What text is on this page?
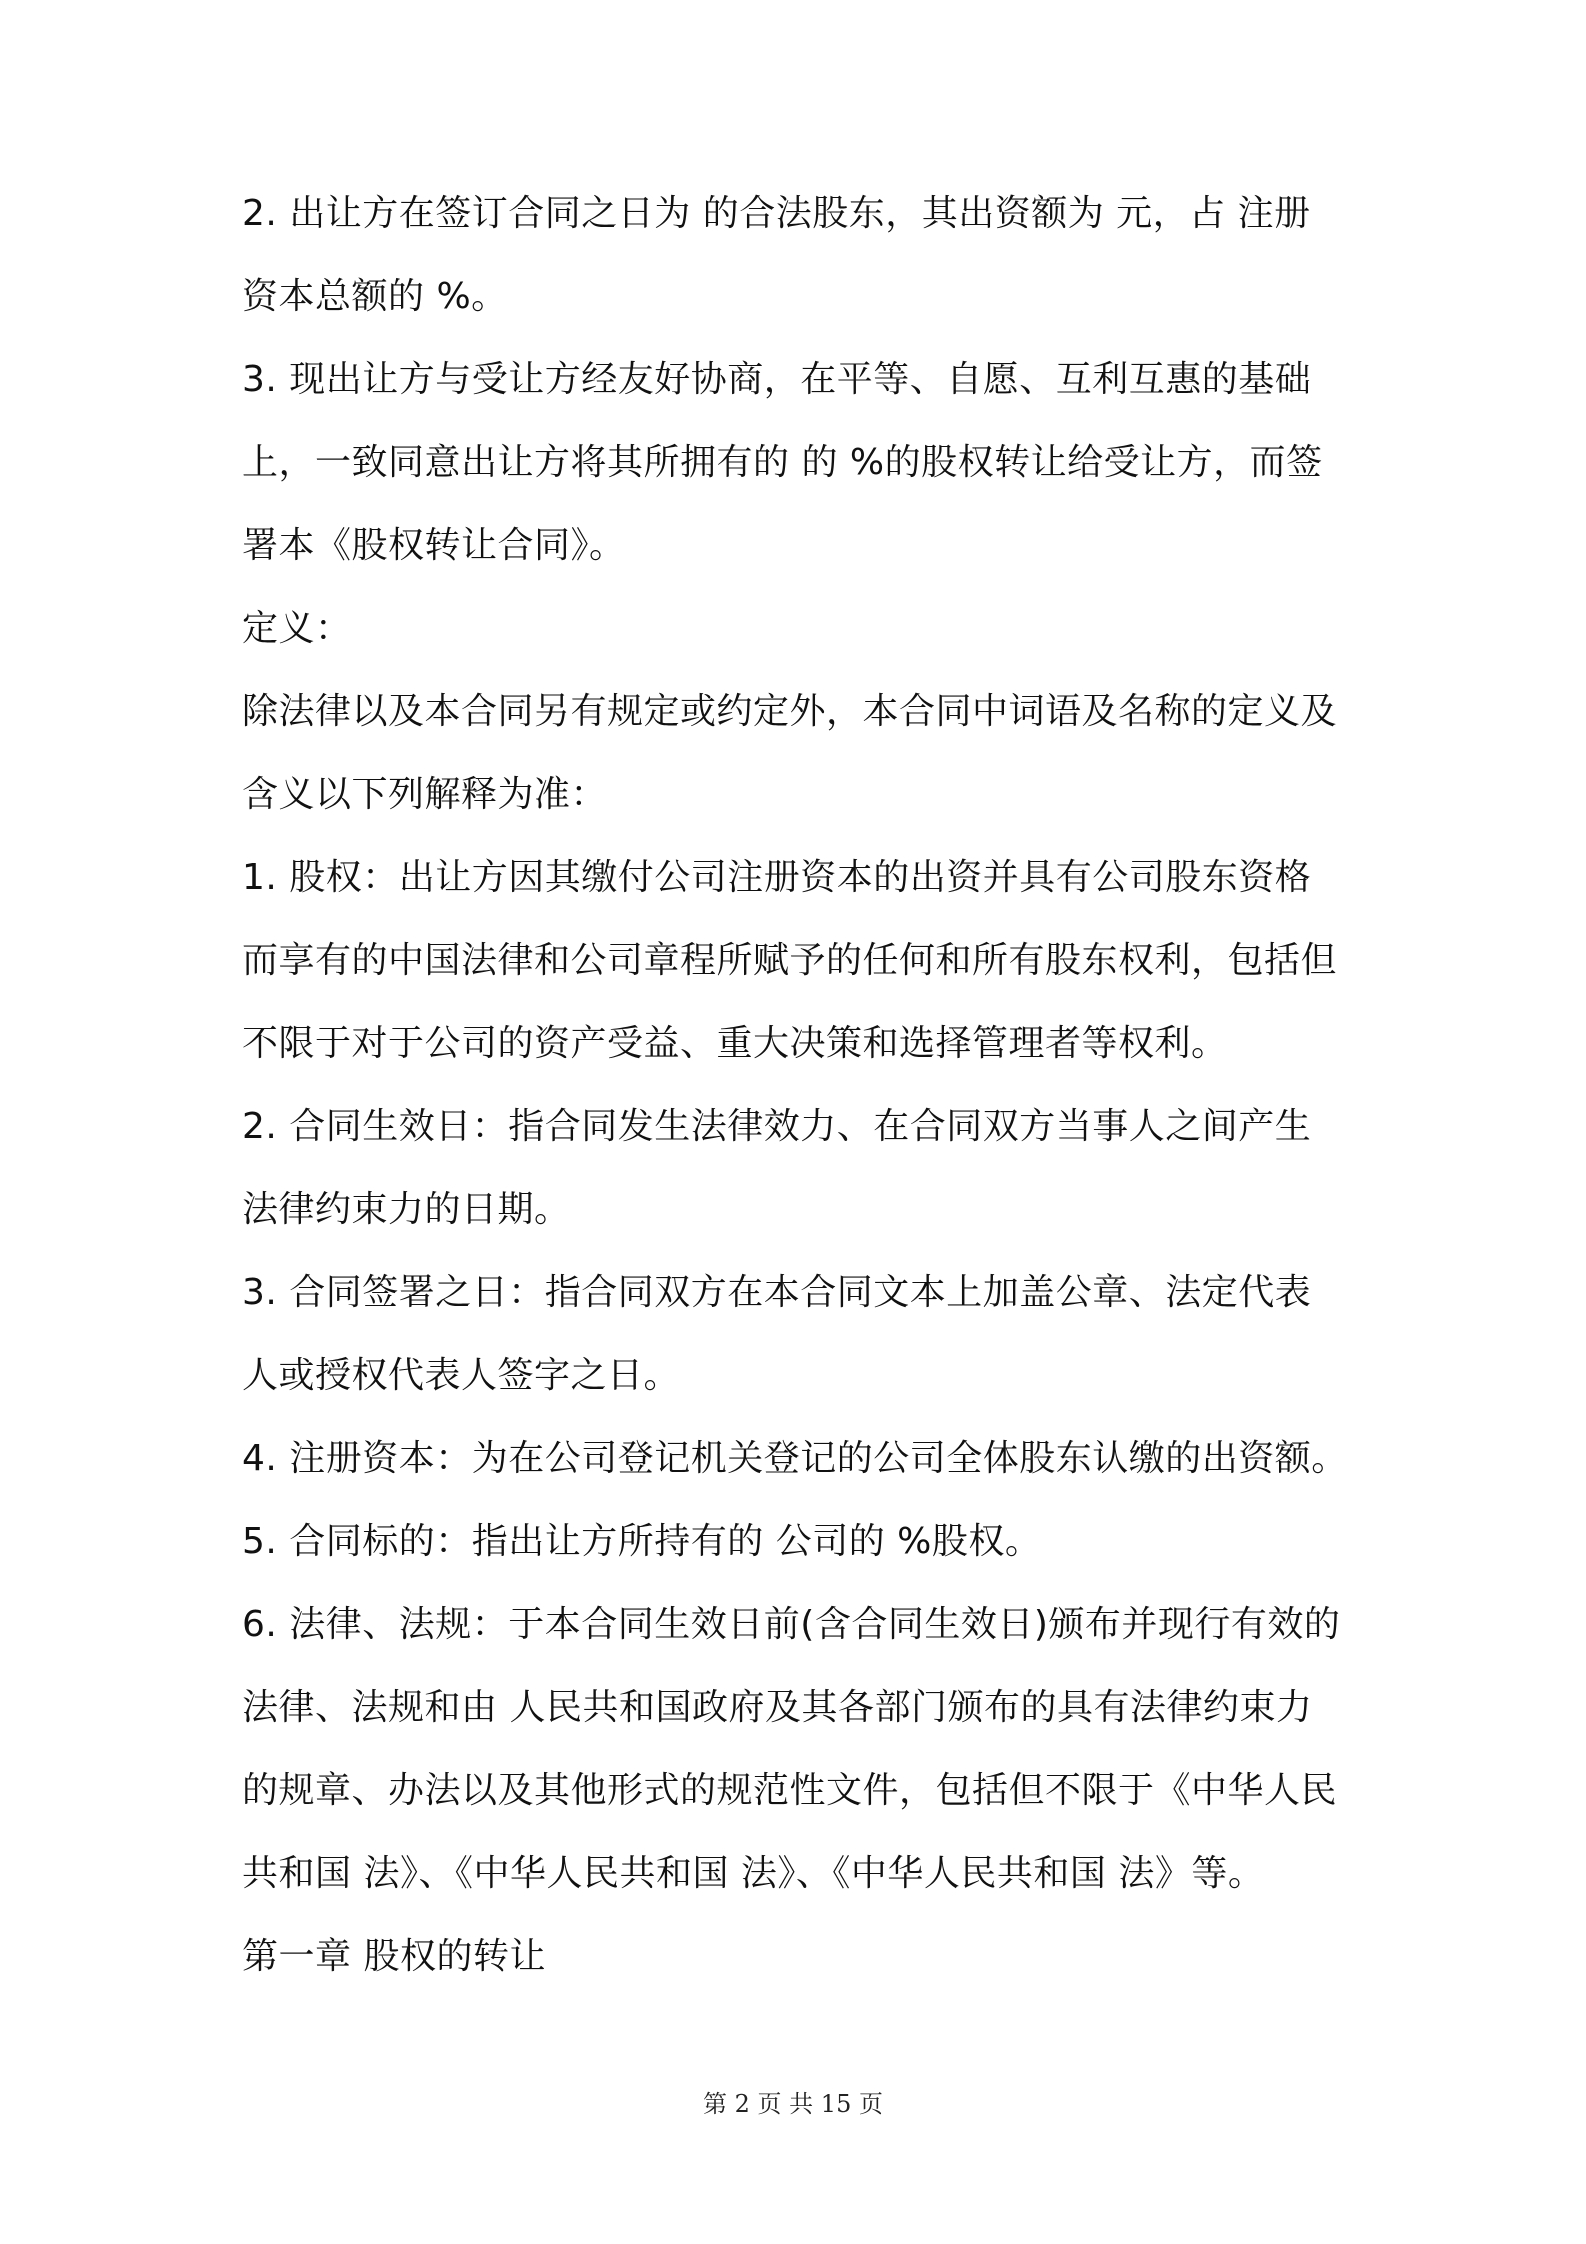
2. 出让方在签订合同之日为 的合法股东，其出资额为 元，占 注册
资本总额的 %。
3. 现出让方与受让方经友好协商，在平等、自愿、互利互惠的基础
上，一致同意出让方将其所拥有的 的 %的股权转让给受让方，而签
署本《股权转让合同》。
定义：
除法律以及本合同另有规定或约定外，本合同中词语及名称的定义及
含义以下列解释为准：
1. 股权：出让方因其缴付公司注册资本的出资并具有公司股东资格
而享有的中国法律和公司章程所赋予的任何和所有股东权利，包括但
不限于对于公司的资产受益、重大决策和选择管理者等权利。
2. 合同生效日：指合同发生法律效力、在合同双方当事人之间产生
法律约束力的日期。
3. 合同签署之日：指合同双方在本合同文本上加盖公章、法定代表
人或授权代表人签字之日。
4. 注册资本：为在公司登记机关登记的公司全体股东认缴的出资额。
5. 合同标的：指出让方所持有的 公司的 %股权。
6. 法律、法规：于本合同生效日前(含合同生效日)颁布并现行有效的
法律、法规和由 人民共和国政府及其各部门颁布的具有法律约束力
的规章、办法以及其他形式的规范性文件，包括但不限于《中华人民
共和国 法》、《中华人民共和国 法》、《中华人民共和国 法》等。
第一章 股权的转让
第 2 页 共 15 页
